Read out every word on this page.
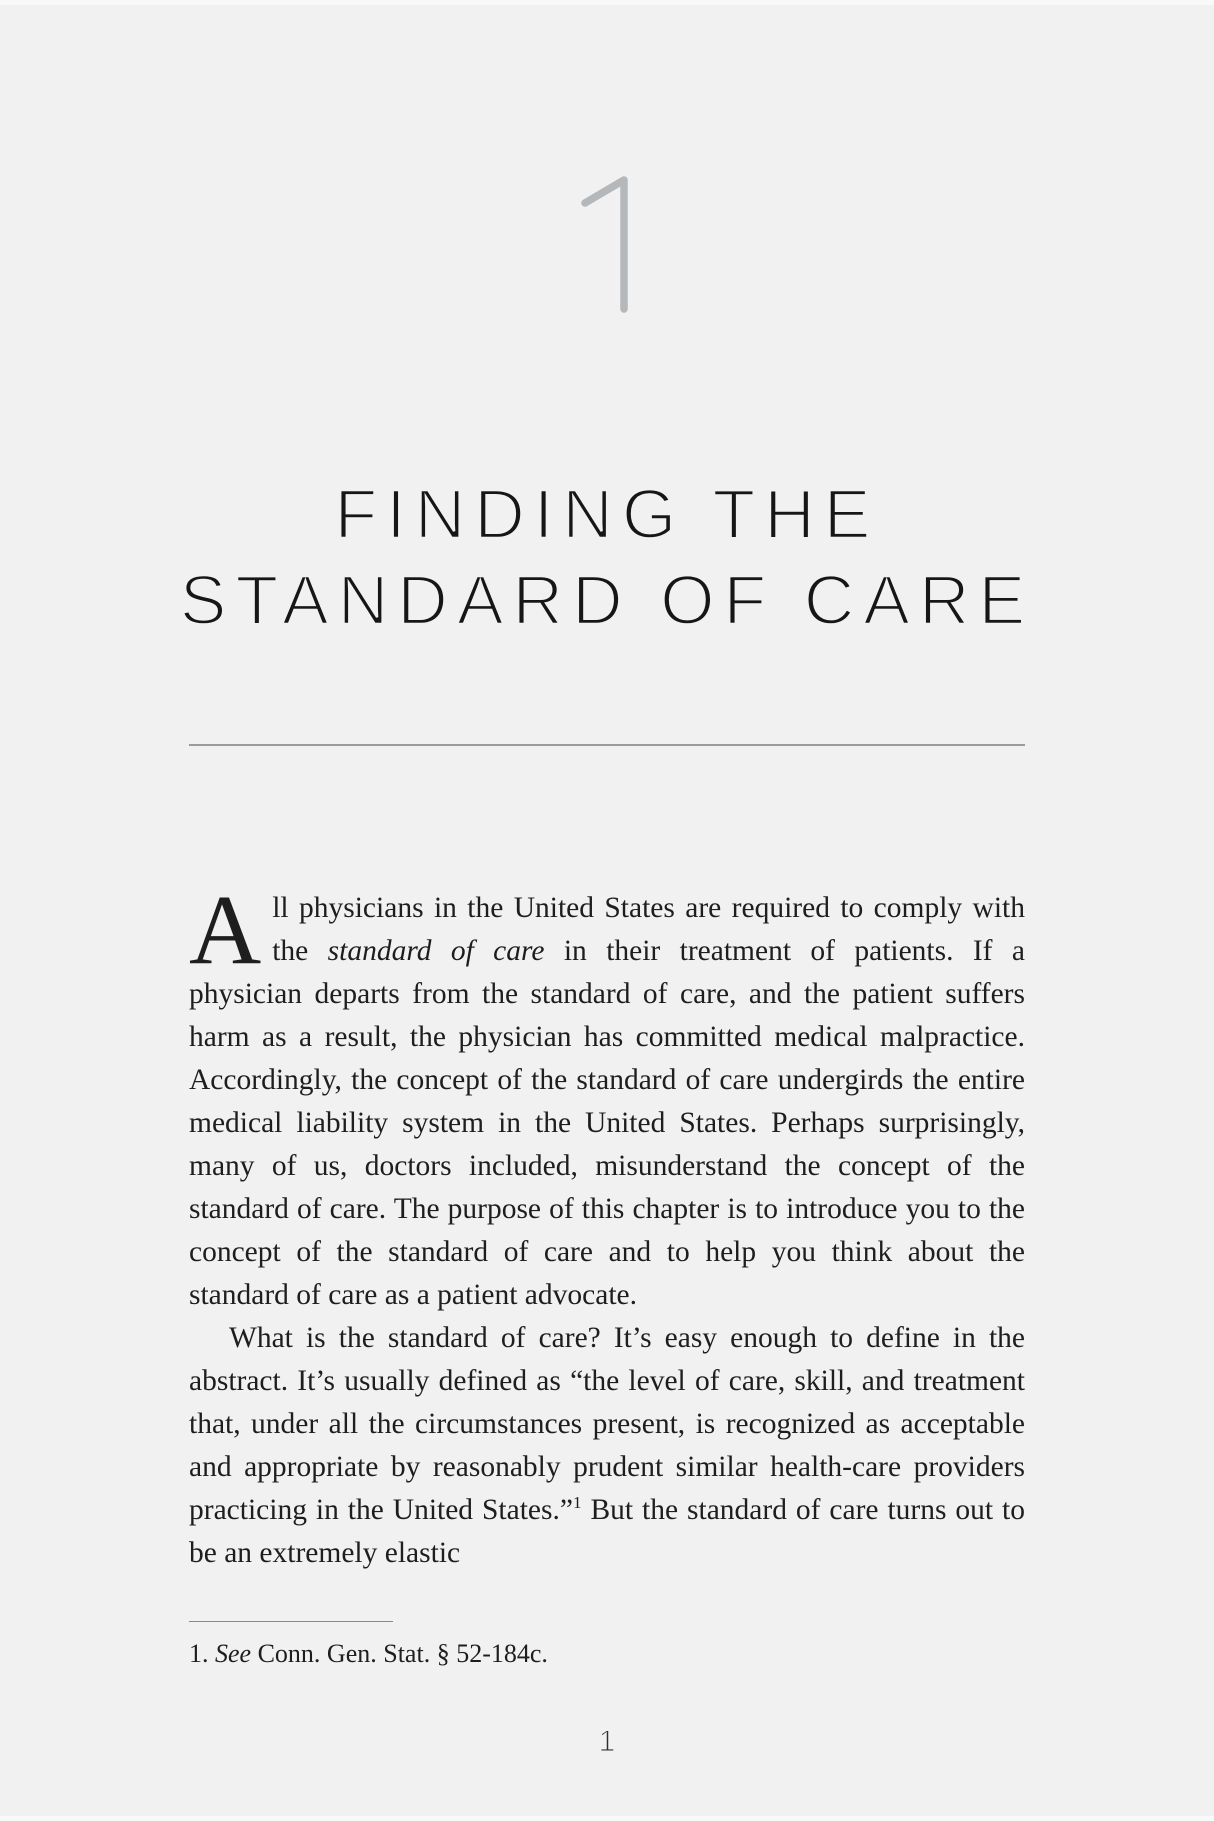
FINDING THE
STANDARD OF CARE

All physicians in the United States are required to comply with the standard of care in their treatment of patients. If a physician departs from the standard of care, and the patient suffers harm as a result, the physician has committed medical malpractice. Accordingly, the concept of the standard of care undergirds the entire medical liability system in the United States. Perhaps surprisingly, many of us, doctors included, misunderstand the concept of the standard of care. The purpose of this chapter is to introduce you to the concept of the standard of care and to help you think about the standard of care as a patient advocate.

What is the standard of care? It’s easy enough to define in the abstract. It’s usually defined as “the level of care, skill, and treatment that, under all the circumstances present, is recognized as acceptable and appropriate by reasonably prudent similar health-care providers practicing in the United States.”$^1$ But the standard of care turns out to be an extremely elastic

1. See Conn. Gen. Stat. § 52-184c.
1
